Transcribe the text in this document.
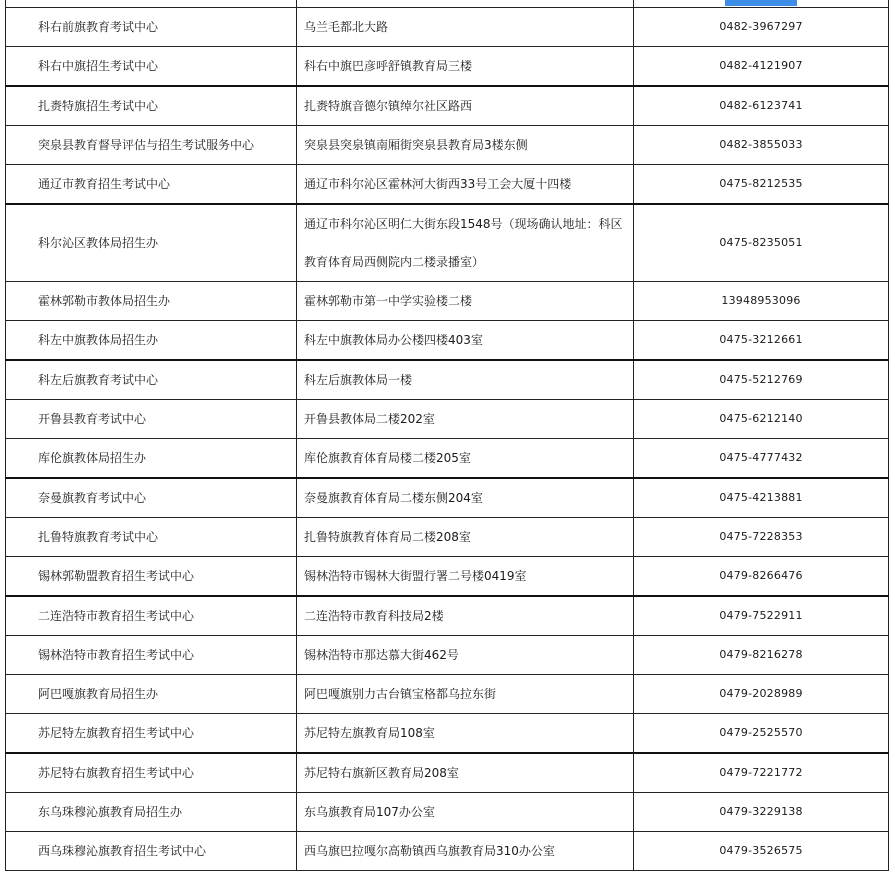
科右前旗教育考试中心	乌兰毛都北大路	0482-3967297
科右中旗招生考试中心	科右中旗巴彦呼舒镇教育局三楼	0482-4121907
扎赉特旗招生考试中心	扎赉特旗音德尔镇绰尔社区路西	0482-6123741
突泉县教育督导评估与招生考试服务中心	突泉县突泉镇南厢街突泉县教育局3楼东侧	0482-3855033
通辽市教育招生考试中心	通辽市科尔沁区霍林河大街西33号工会大厦十四楼	0475-8212535
科尔沁区教体局招生办	通辽市科尔沁区明仁大街东段1548号（现场确认地址：科区教育体育局西侧院内二楼录播室）	0475-8235051
霍林郭勒市教体局招生办	霍林郭勒市第一中学实验楼二楼	13948953096
科左中旗教体局招生办	科左中旗教体局办公楼四楼403室	0475-3212661
科左后旗教育考试中心	科左后旗教体局一楼	0475-5212769
开鲁县教育考试中心	开鲁县教体局二楼202室	0475-6212140
库伦旗教体局招生办	库伦旗教育体育局楼二楼205室	0475-4777432
奈曼旗教育考试中心	奈曼旗教育体育局二楼东侧204室	0475-4213881
扎鲁特旗教育考试中心	扎鲁特旗教育体育局二楼208室	0475-7228353
锡林郭勒盟教育招生考试中心	锡林浩特市锡林大街盟行署二号楼0419室	0479-8266476
二连浩特市教育招生考试中心	二连浩特市教育科技局2楼	0479-7522911
锡林浩特市教育招生考试中心	锡林浩特市那达慕大街462号	0479-8216278
阿巴嘎旗教育局招生办	阿巴嘎旗别力古台镇宝格都乌拉东街	0479-2028989
苏尼特左旗教育招生考试中心	苏尼特左旗教育局108室	0479-2525570
苏尼特右旗教育招生考试中心	苏尼特右旗新区教育局208室	0479-7221772
东乌珠穆沁旗教育局招生办	东乌旗教育局107办公室	0479-3229138
西乌珠穆沁旗教育招生考试中心	西乌旗巴拉嘎尔高勒镇西乌旗教育局310办公室	0479-3526575
